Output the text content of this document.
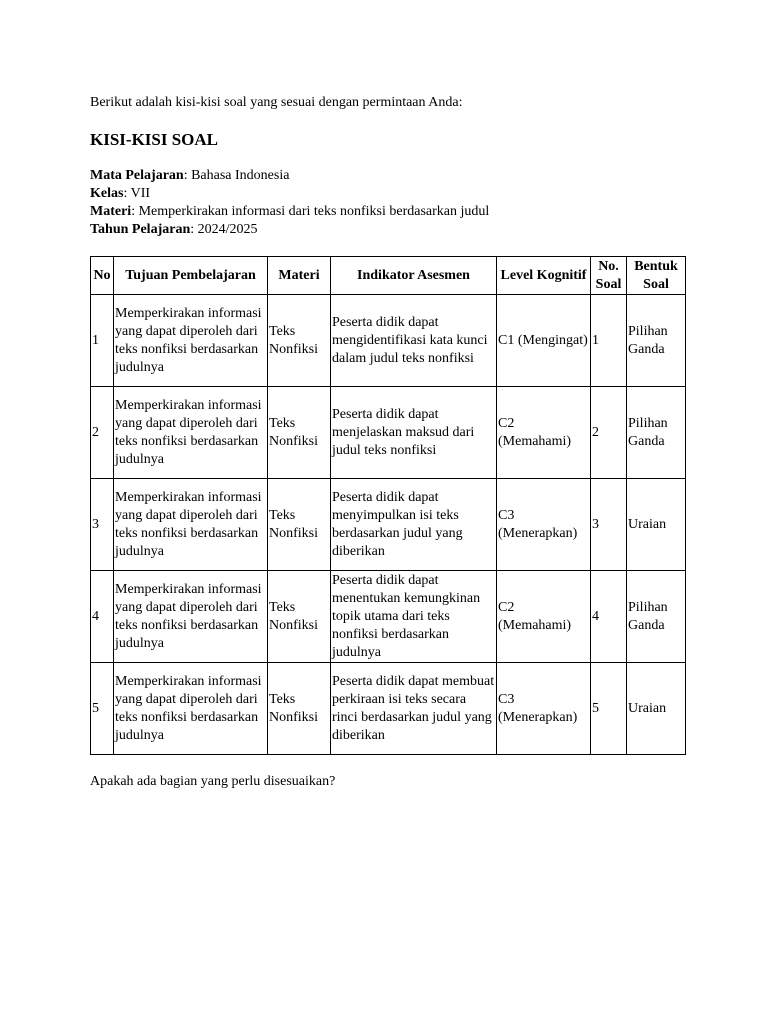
Berikut adalah kisi-kisi soal yang sesuai dengan permintaan Anda:

KISI-KISI SOAL
Mata Pelajaran: Bahasa Indonesia
Kelas: VII
Materi: Memperkirakan informasi dari teks nonfiksi berdasarkan judul
Tahun Pelajaran: 2024/2025
No	Tujuan Pembelajaran	Materi	Indikator Asesmen	Level Kognitif	No. Soal	Bentuk Soal
1	Memperkirakan informasi yang dapat diperoleh dari teks nonfiksi berdasarkan judulnya	Teks Nonfiksi	Peserta didik dapat mengidentifikasi kata kunci dalam judul teks nonfiksi	C1 (Mengingat)	1	Pilihan Ganda
2	Memperkirakan informasi yang dapat diperoleh dari teks nonfiksi berdasarkan judulnya	Teks Nonfiksi	Peserta didik dapat menjelaskan maksud dari judul teks nonfiksi	C2 (Memahami)	2	Pilihan Ganda
3	Memperkirakan informasi yang dapat diperoleh dari teks nonfiksi berdasarkan judulnya	Teks Nonfiksi	Peserta didik dapat menyimpulkan isi teks berdasarkan judul yang diberikan	C3 (Menerapkan)	3	Uraian
4	Memperkirakan informasi yang dapat diperoleh dari teks nonfiksi berdasarkan judulnya	Teks Nonfiksi	Peserta didik dapat menentukan kemungkinan topik utama dari teks nonfiksi berdasarkan judulnya	C2 (Memahami)	4	Pilihan Ganda
5	Memperkirakan informasi yang dapat diperoleh dari teks nonfiksi berdasarkan judulnya	Teks Nonfiksi	Peserta didik dapat membuat perkiraan isi teks secara rinci berdasarkan judul yang diberikan	C3 (Menerapkan)	5	Uraian

Apakah ada bagian yang perlu disesuaikan?
